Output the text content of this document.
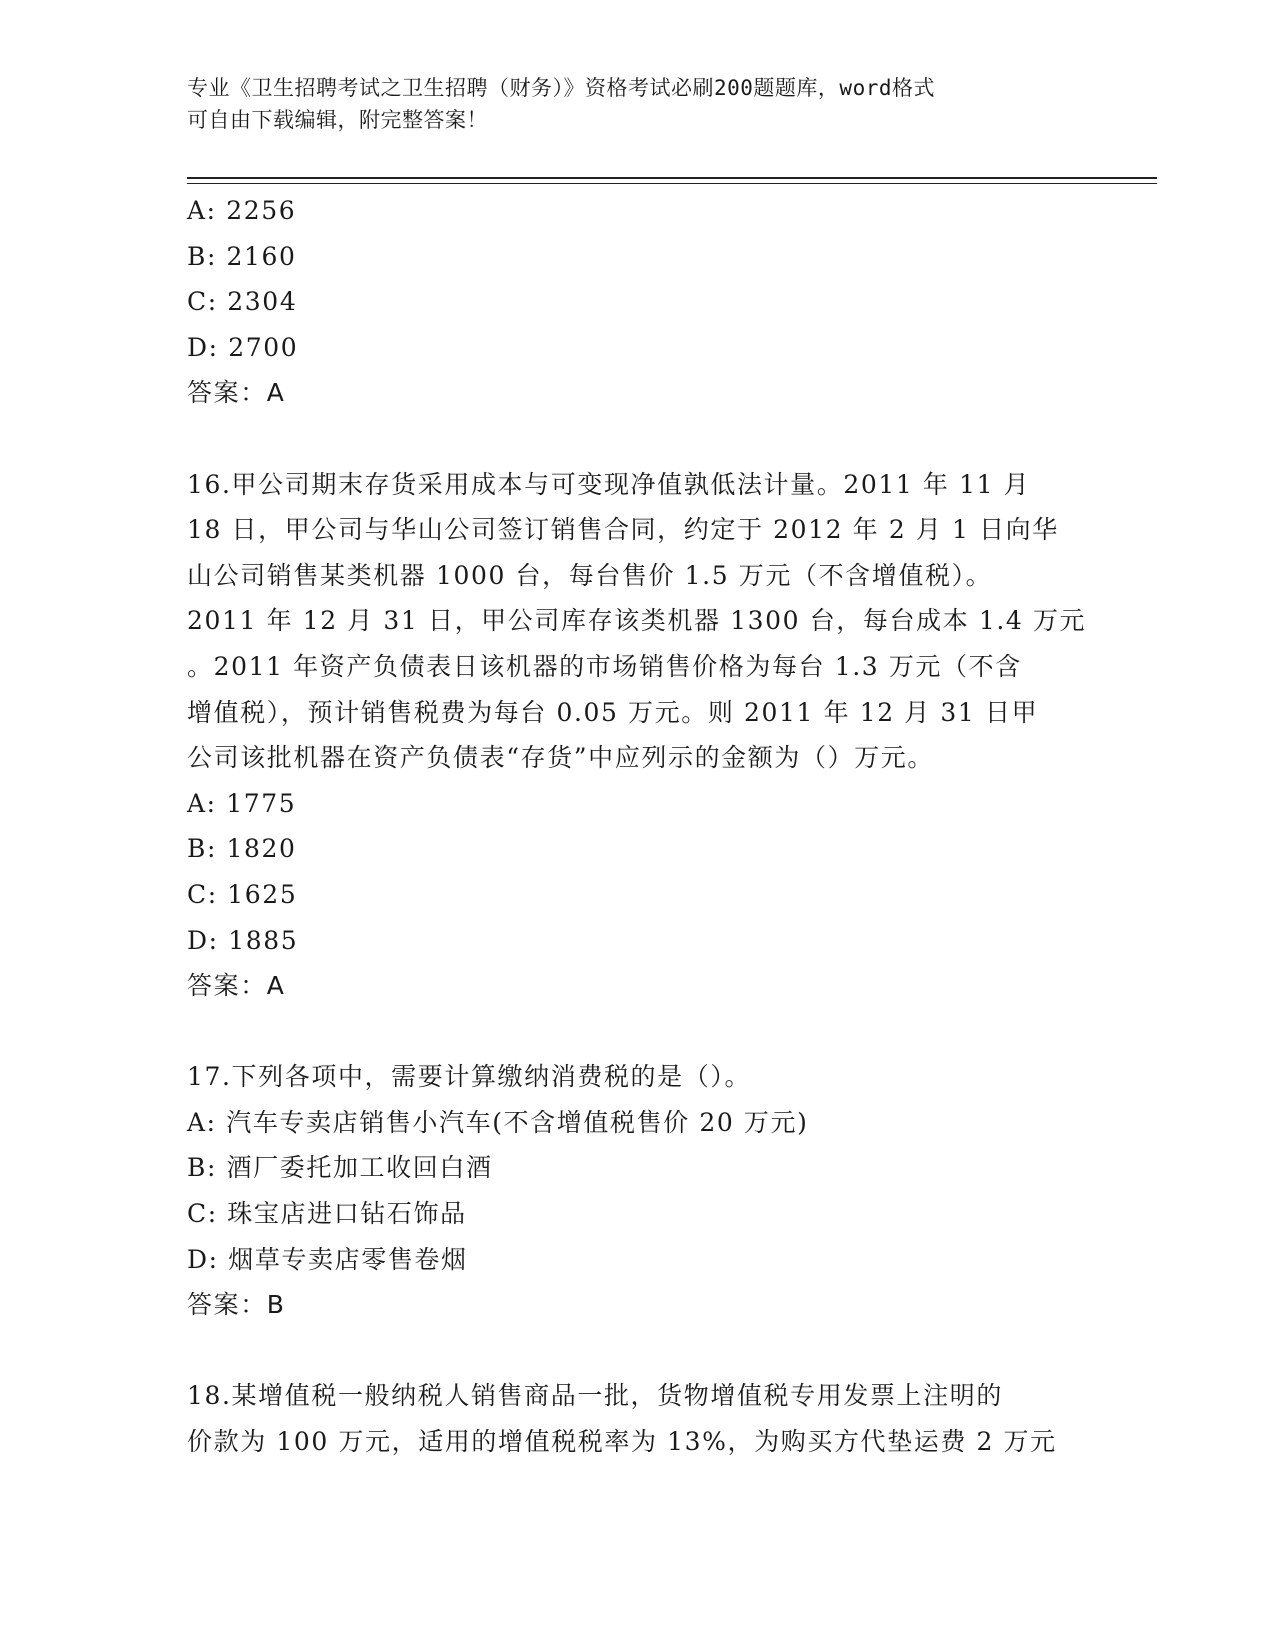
专业《卫生招聘考试之卫生招聘（财务）》资格考试必刷200题题库，word格式
可自由下载编辑，附完整答案！
A: 2256
B: 2160
C: 2304
D: 2700
答案：A
16.甲公司期末存货采用成本与可变现净值孰低法计量。2011 年 11 月
18 日，甲公司与华山公司签订销售合同，约定于 2012 年 2 月 1 日向华
山公司销售某类机器 1000 台，每台售价 1.5 万元（不含增值税）。
2011 年 12 月 31 日，甲公司库存该类机器 1300 台，每台成本 1.4 万元
。2011 年资产负债表日该机器的市场销售价格为每台 1.3 万元（不含
增值税），预计销售税费为每台 0.05 万元。则 2011 年 12 月 31 日甲
公司该批机器在资产负债表“存货”中应列示的金额为（）万元。
A: 1775
B: 1820
C: 1625
D: 1885
答案：A
17.下列各项中，需要计算缴纳消费税的是（）。
A: 汽车专卖店销售小汽车(不含增值税售价 20 万元)
B: 酒厂委托加工收回白酒
C: 珠宝店进口钻石饰品
D: 烟草专卖店零售卷烟
答案：B
18.某增值税一般纳税人销售商品一批，货物增值税专用发票上注明的
价款为 100 万元，适用的增值税税率为 13%，为购买方代垫运费 2 万元
